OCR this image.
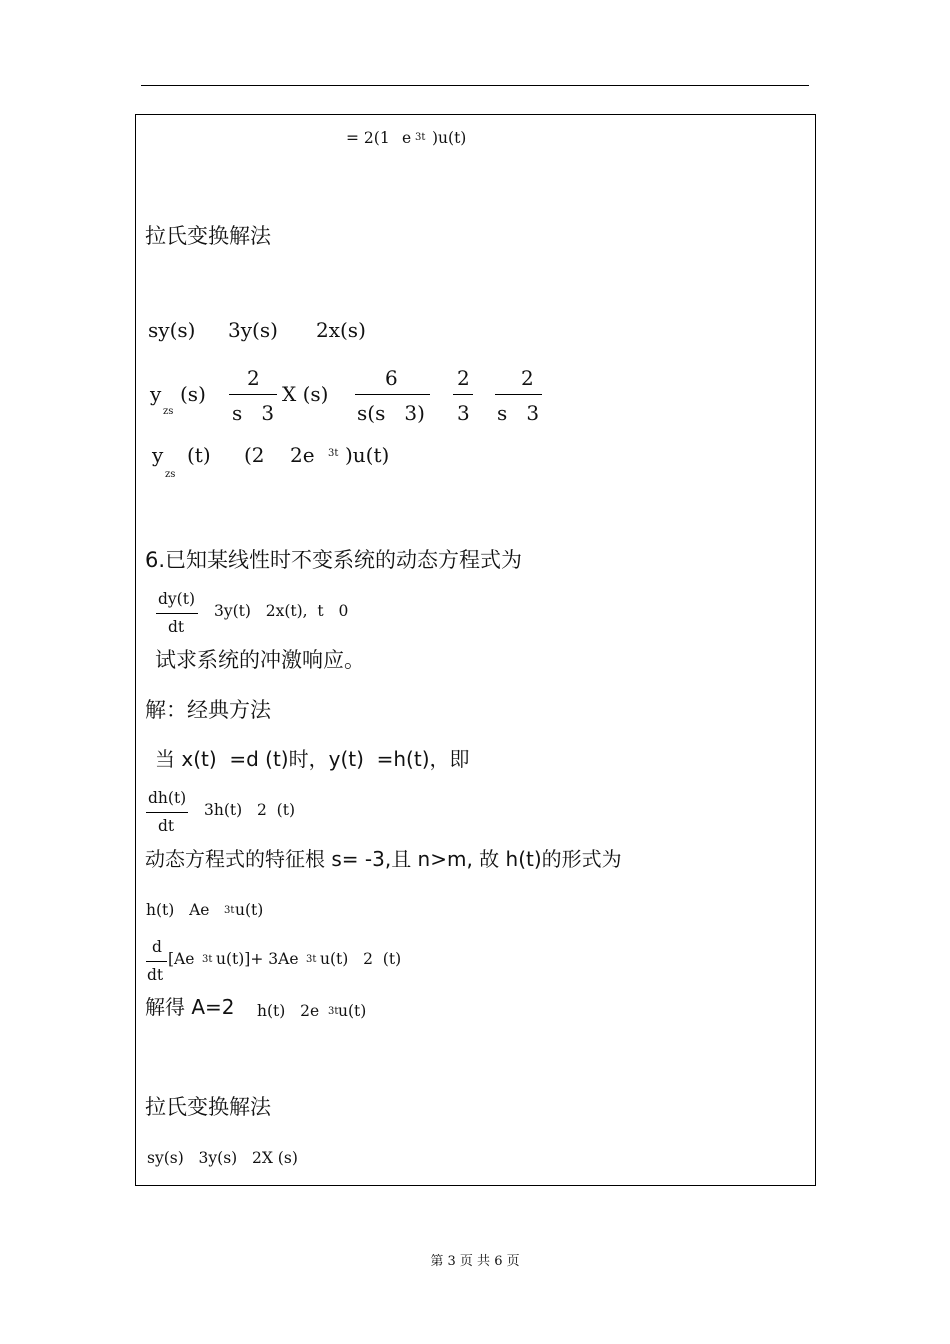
= 2(1 e 3t )u(t)
拉氏变换解法
sy(s) 3y(s) 2x(s)
y
zs
(s)
2
s   3
X (s)
6
s(s   3)
2
3
2
s   3
y
zs
(t) (2 2e 3t )u(t)
6.已知某线性时不变系统的动态方程式为
dy(t)
dt
3y(t)   2x(t),  t   0
试求系统的冲激响应。
解：经典方法
当 x(t)  =d (t)时，y(t)  =h(t)，即
dh(t)
dt
3h(t)   2  (t)
动态方程式的特征根 s= -3,且 n>m, 故 h(t)的形式为
h(t)   Ae 3t u(t)
d
dt
[Ae 3t u(t)]+ 3Ae 3t u(t)   2  (t)
解得 A=2 h(t)   2e 3t u(t)
拉氏变换解法
sy(s)   3y(s)   2X (s)
第 3 页 共 6 页
